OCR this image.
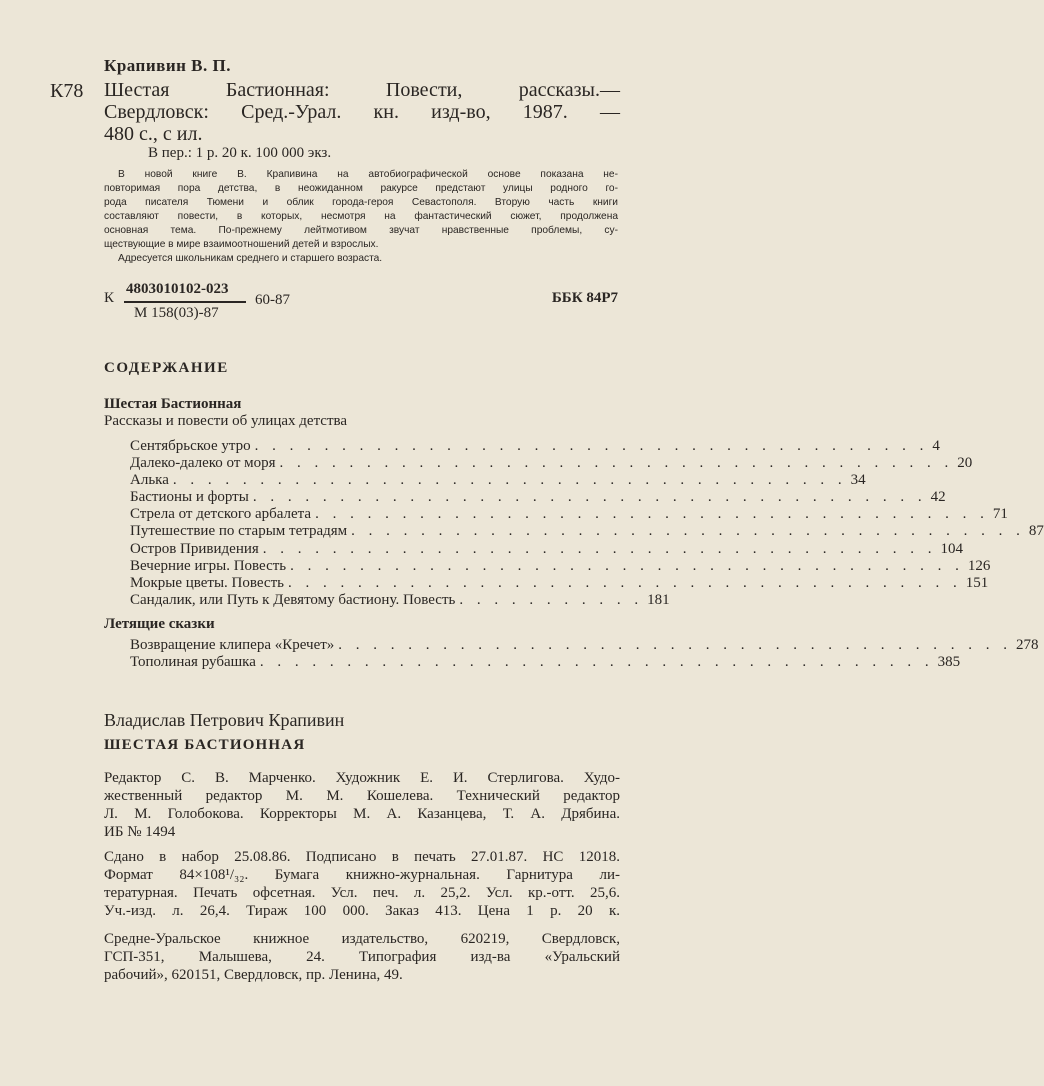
Крапивин В. П.
К78 Шестая Бастионная: Повести, рассказы.—
Свердловск: Сред.-Урал. кн. изд-во, 1987. —
480 с., с ил.
В пер.: 1 р. 20 к. 100 000 экз.
В новой книге В. Крапивина на автобиографической основе показана не-
повторимая пора детства, в неожиданном ракурсе предстают улицы родного го-
рода писателя Тюмени и облик города-героя Севастополя. Вторую часть книги
составляют повести, в которых, несмотря на фантастический сюжет, продолжена
основная тема. По-прежнему лейтмотивом звучат нравственные проблемы, су-
ществующие в мире взаимоотношений детей и взрослых.
Адресуется школьникам среднего и старшего возраста.
К
4803010102-023
М 158(03)-87
60-87	ББК 84Р7
СОДЕРЖАНИЕ
Шестая Бастионная
Рассказы и повести об улицах детства
Сентябрьское утро . . . . . . . . . . . . . . . . . . . . . . . . . . . . . . . . . . . . . . . 4
Далеко-далеко от моря . . . . . . . . . . . . . . . . . . . . . . . . . . . . . . . . . . . . . . . 20
Алька . . . . . . . . . . . . . . . . . . . . . . . . . . . . . . . . . . . . . . . 34
Бастионы и форты . . . . . . . . . . . . . . . . . . . . . . . . . . . . . . . . . . . . . . . 42
Стрела от детского арбалета . . . . . . . . . . . . . . . . . . . . . . . . . . . . . . . . . . . . . . . 71
Путешествие по старым тетрадям . . . . . . . . . . . . . . . . . . . . . . . . . . . . . . . . . . . . . . . 87
Остров Привидения . . . . . . . . . . . . . . . . . . . . . . . . . . . . . . . . . . . . . . . 104
Вечерние игры. Повесть . . . . . . . . . . . . . . . . . . . . . . . . . . . . . . . . . . . . . . . 126
Мокрые цветы. Повесть . . . . . . . . . . . . . . . . . . . . . . . . . . . . . . . . . . . . . . . 151
Сандалик, или Путь к Девятому бастиону. Повесть . . . . . . . . . . . 181
Летящие сказки
Возвращение клипера «Кречет» . . . . . . . . . . . . . . . . . . . . . . . . . . . . . . . . . . . . . . . 278
Тополиная рубашка . . . . . . . . . . . . . . . . . . . . . . . . . . . . . . . . . . . . . . . 385
Владислав Петрович Крапивин
ШЕСТАЯ БАСТИОННАЯ
Редактор С. В. Марченко. Художник Е. И. Стерлигова. Худо-
жественный редактор М. М. Кошелева. Технический редактор
Л. М. Голобокова. Корректоры М. А. Казанцева, Т. А. Дрябина.
ИБ № 1494
Сдано в набор 25.08.86. Подписано в печать 27.01.87. НС 12018.
Формат 84×108¹/₃₂. Бумага книжно-журнальная. Гарнитура ли-
тературная. Печать офсетная. Усл. печ. л. 25,2. Усл. кр.-отт. 25,6.
Уч.-изд. л. 26,4. Тираж 100 000. Заказ 413. Цена 1 р. 20 к.
Средне-Уральское книжное издательство, 620219, Свердловск,
ГСП-351, Малышева, 24. Типография изд-ва «Уральский
рабочий», 620151, Свердловск, пр. Ленина, 49.
